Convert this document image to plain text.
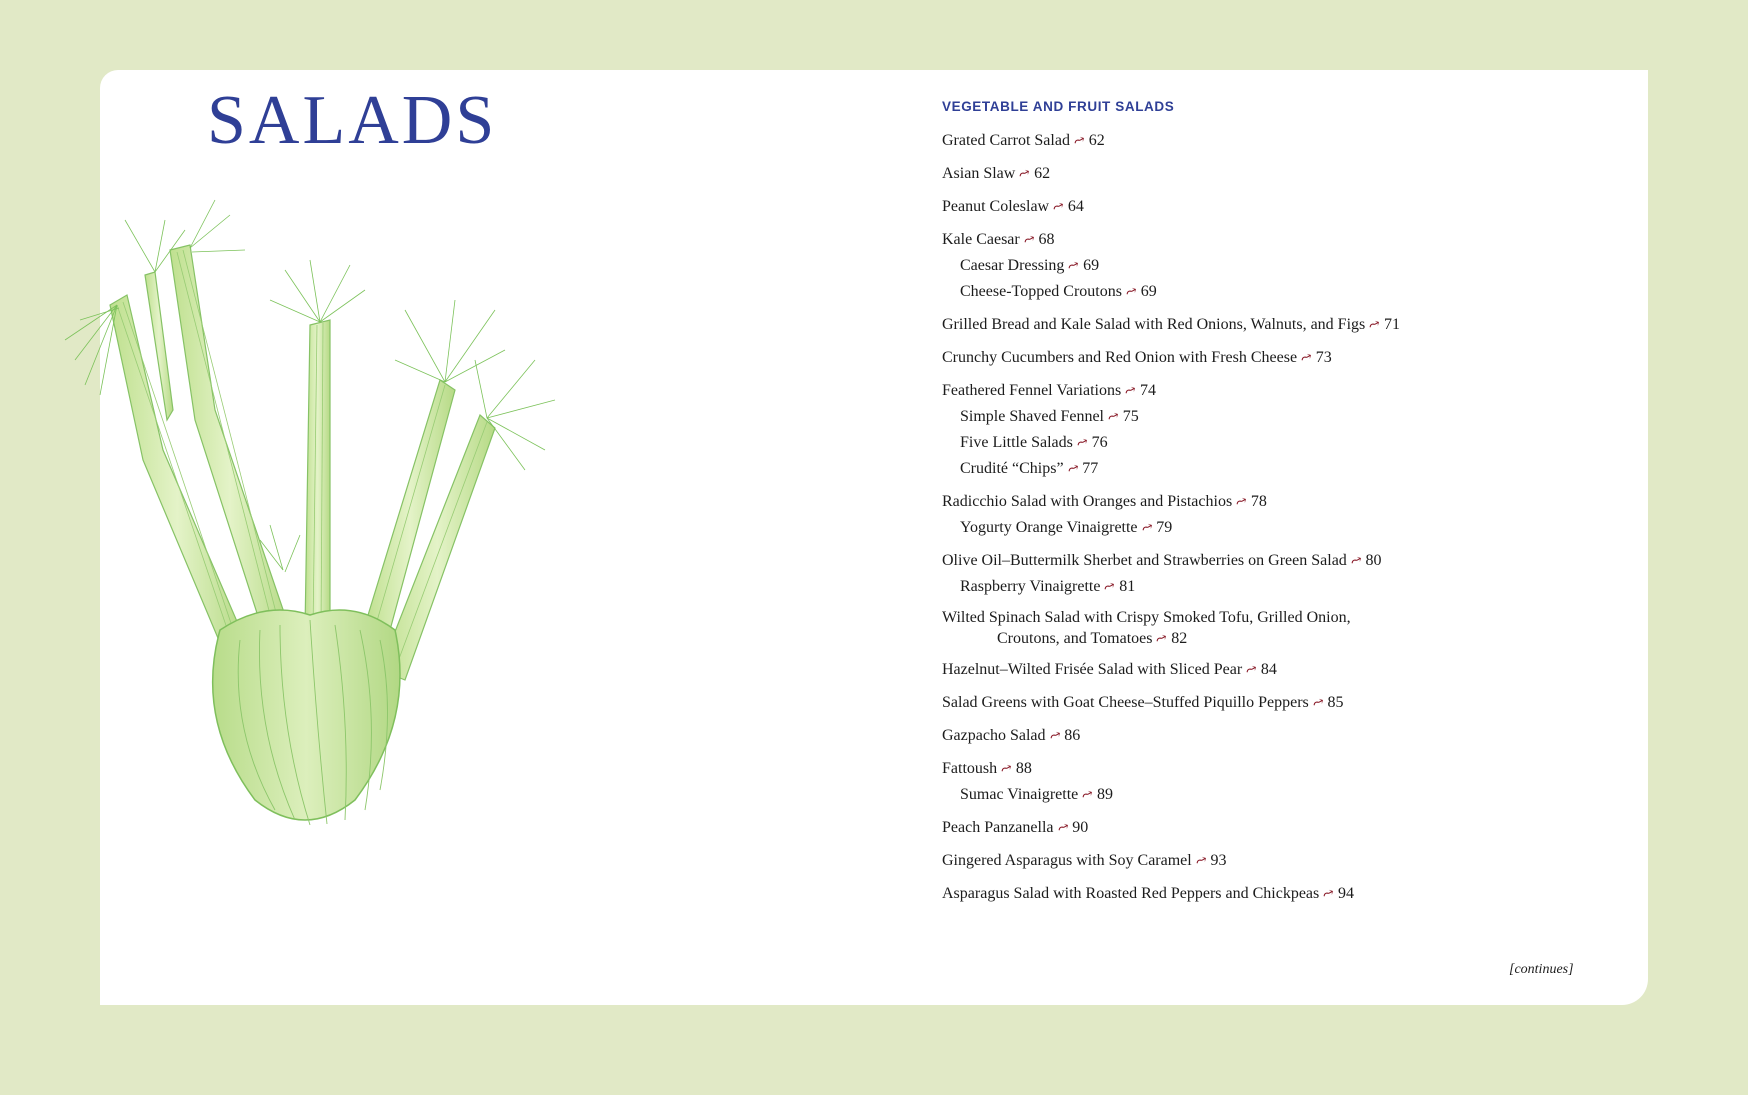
SALADS	VEGETABLE AND FRUIT SALADS
Grated Carrot Salad⤳62
Asian Slaw⤳62
Peanut Coleslaw⤳64
Kale Caesar⤳68
Caesar Dressing⤳69
Cheese-Topped Croutons⤳69
Grilled Bread and Kale Salad with Red Onions, Walnuts, and Figs⤳71
Crunchy Cucumbers and Red Onion with Fresh Cheese⤳73
Feathered Fennel Variations⤳74
Simple Shaved Fennel⤳75
Five Little Salads⤳76
Crudité “Chips”⤳77
Radicchio Salad with Oranges and Pistachios⤳78
Yogurty Orange Vinaigrette⤳79
Olive Oil–Buttermilk Sherbet and Strawberries on Green Salad⤳80
Raspberry Vinaigrette⤳81
Wilted Spinach Salad with Crispy Smoked Tofu, Grilled Onion,
Croutons, and Tomatoes⤳82
Hazelnut–Wilted Frisée Salad with Sliced Pear⤳84
Salad Greens with Goat Cheese–Stuffed Piquillo Peppers⤳85
Gazpacho Salad⤳86
Fattoush⤳88
Sumac Vinaigrette⤳89
Peach Panzanella⤳90
Gingered Asparagus with Soy Caramel⤳93
Asparagus Salad with Roasted Red Peppers and Chickpeas⤳94
[continues]
